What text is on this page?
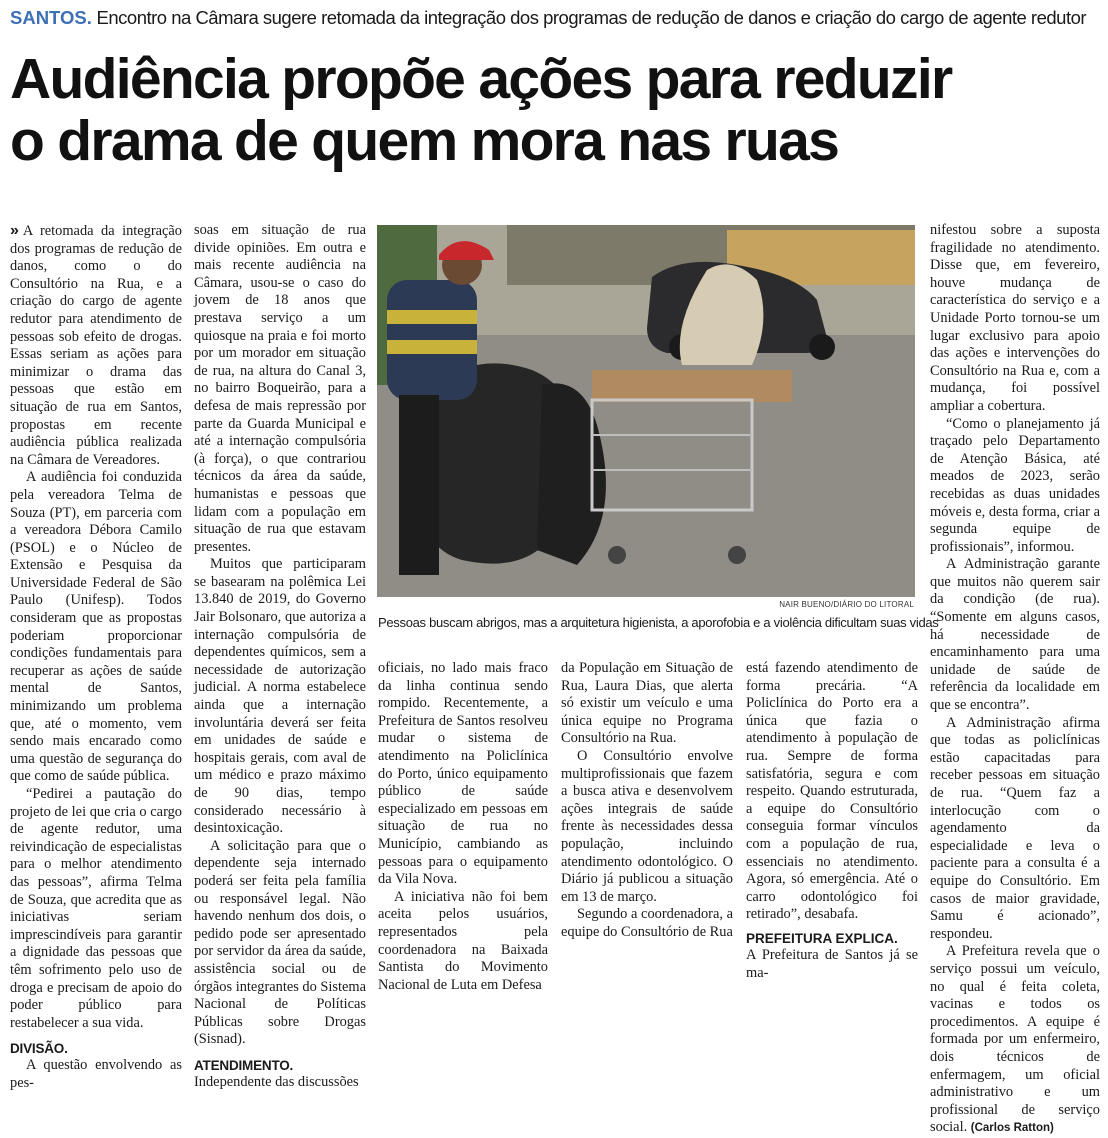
SANTOS. Encontro na Câmara sugere retomada da integração dos programas de redução de danos e criação do cargo de agente redutor
Audiência propõe ações para reduzir
o drama de quem mora nas ruas

» A retomada da integração dos programas de redução de danos, como o do Consultório na Rua, e a criação do cargo de agente redutor para atendimento de pessoas sob efeito de drogas. Essas seriam as ações para minimizar o drama das pessoas que estão em situação de rua em Santos, propostas em recente audiência pública realizada na Câmara de Vereadores.

A audiência foi conduzida pela vereadora Telma de Souza (PT), em parceria com a vereadora Débora Camilo (PSOL) e o Núcleo de Extensão e Pesquisa da Universidade Federal de São Paulo (Unifesp). Todos consideram que as propostas poderiam proporcionar condições fundamentais para recuperar as ações de saúde mental de Santos, minimizando um problema que, até o momento, vem sendo mais encarado como uma questão de segurança do que como de saúde pública.

“Pedirei a pautação do projeto de lei que cria o cargo de agente redutor, uma reivindicação de especialistas para o melhor atendimento das pessoas”, afirma Telma de Souza, que acredita que as iniciativas seriam imprescindíveis para garantir a dignidade das pessoas que têm sofrimento pelo uso de droga e precisam de apoio do poder público para restabelecer a sua vida.

DIVISÃO.

A questão envolvendo as pes-

soas em situação de rua divide opiniões. Em outra e mais recente audiência na Câmara, usou-se o caso do jovem de 18 anos que prestava serviço a um quiosque na praia e foi morto por um morador em situação de rua, na altura do Canal 3, no bairro Boqueirão, para a defesa de mais repressão por parte da Guarda Municipal e até a internação compulsória (à força), o que contrariou técnicos da área da saúde, humanistas e pessoas que lidam com a população em situação de rua que estavam presentes.

Muitos que participaram se basearam na polêmica Lei 13.840 de 2019, do Governo Jair Bolsonaro, que autoriza a internação compulsória de dependentes químicos, sem a necessidade de autorização judicial. A norma estabelece ainda que a internação involuntária deverá ser feita em unidades de saúde e hospitais gerais, com aval de um médico e prazo máximo de 90 dias, tempo considerado necessário à desintoxicação.

A solicitação para que o dependente seja internado poderá ser feita pela família ou responsável legal. Não havendo nenhum dos dois, o pedido pode ser apresentado por servidor da área da saúde, assistência social ou de órgãos integrantes do Sistema Nacional de Políticas Públicas sobre Drogas (Sisnad).

ATENDIMENTO.

Independente das discussões

NAIR BUENO/DIÁRIO DO LITORAL
Pessoas buscam abrigos, mas a arquitetura higienista, a aporofobia e a violência dificultam suas vidas

oficiais, no lado mais fraco da linha continua sendo rompido. Recentemente, a Prefeitura de Santos resolveu mudar o sistema de atendimento na Policlínica do Porto, único equipamento público de saúde especializado em pessoas em situação de rua no Município, cambiando as pessoas para o equipamento da Vila Nova.

A iniciativa não foi bem aceita pelos usuários, representados pela coordenadora na Baixada Santista do Movimento Nacional de Luta em Defesa

da População em Situação de Rua, Laura Dias, que alerta só existir um veículo e uma única equipe no Programa Consultório na Rua.

O Consultório envolve multiprofissionais que fazem a busca ativa e desenvolvem ações integrais de saúde frente às necessidades dessa população, incluindo atendimento odontológico. O Diário já publicou a situação em 13 de março.

Segundo a coordenadora, a equipe do Consultório de Rua

está fazendo atendimento de forma precária. “A Policlínica do Porto era a única que fazia o atendimento à população de rua. Sempre de forma satisfatória, segura e com respeito. Quando estruturada, a equipe do Consultório conseguia formar vínculos com a população de rua, essenciais no atendimento. Agora, só emergência. Até o carro odontológico foi retirado”, desabafa.

PREFEITURA EXPLICA.

A Prefeitura de Santos já se ma-

nifestou sobre a suposta fragilidade no atendimento. Disse que, em fevereiro, houve mudança de característica do serviço e a Unidade Porto tornou-se um lugar exclusivo para apoio das ações e intervenções do Consultório na Rua e, com a mudança, foi possível ampliar a cobertura.

“Como o planejamento já traçado pelo Departamento de Atenção Básica, até meados de 2023, serão recebidas as duas unidades móveis e, desta forma, criar a segunda equipe de profissionais”, informou.

A Administração garante que muitos não querem sair da condição (de rua). “Somente em alguns casos, há necessidade de encaminhamento para uma unidade de saúde de referência da localidade em que se encontra”.

A Administração afirma que todas as policlínicas estão capacitadas para receber pessoas em situação de rua. “Quem faz a interlocução com o agendamento da especialidade e leva o paciente para a consulta é a equipe do Consultório. Em casos de maior gravidade, Samu é acionado”, respondeu.

A Prefeitura revela que o serviço possui um veículo, no qual é feita coleta, vacinas e todos os procedimentos. A equipe é formada por um enfermeiro, dois técnicos de enfermagem, um oficial administrativo e um profissional de serviço social. (Carlos Ratton)
